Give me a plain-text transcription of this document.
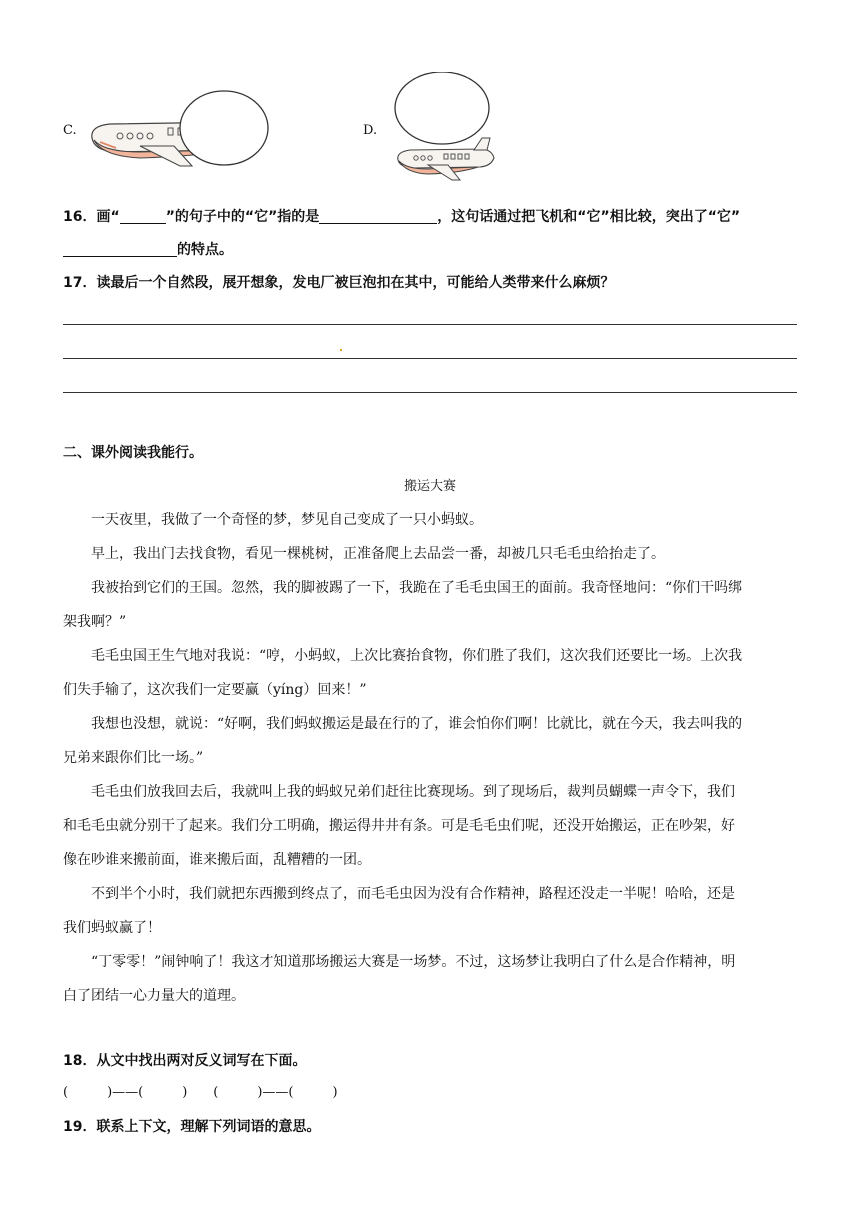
C.	D.
16．画“	”的句子中的“它”指的是	，这句话通过把飞机和“它”相比较，突出了“它”
的特点。
17．读最后一个自然段，展开想象，发电厂被巨泡扣在其中，可能给人类带来什么麻烦？
二、课外阅读我能行。
搬运大赛
一天夜里，我做了一个奇怪的梦，梦见自己变成了一只小蚂蚁。
早上，我出门去找食物，看见一棵桃树，正准备爬上去品尝一番，却被几只毛毛虫给抬走了。
我被抬到它们的王国。忽然，我的脚被踢了一下，我跪在了毛毛虫国王的面前。我奇怪地问：“你们干吗绑
架我啊？”
毛毛虫国王生气地对我说：“哼，小蚂蚁，上次比赛抬食物，你们胜了我们，这次我们还要比一场。上次我
们失手输了，这次我们一定要赢（yíng）回来！”
我想也没想，就说：“好啊，我们蚂蚁搬运是最在行的了，谁会怕你们啊！比就比，就在今天，我去叫我的
兄弟来跟你们比一场。”
毛毛虫们放我回去后，我就叫上我的蚂蚁兄弟们赶往比赛现场。到了现场后，裁判员蝴蝶一声令下，我们
和毛毛虫就分别干了起来。我们分工明确，搬运得井井有条。可是毛毛虫们呢，还没开始搬运，正在吵架，好
像在吵谁来搬前面，谁来搬后面，乱糟糟的一团。
不到半个小时，我们就把东西搬到终点了，而毛毛虫因为没有合作精神，路程还没走一半呢！哈哈，还是
我们蚂蚁赢了！
“丁零零！”闹钟响了！我这才知道那场搬运大赛是一场梦。不过，这场梦让我明白了什么是合作精神，明
白了团结一心力量大的道理。
18．从文中找出两对反义词写在下面。
(　　　)——(　　　)　　(　　　)——(　　　)
19．联系上下文，理解下列词语的意思。
